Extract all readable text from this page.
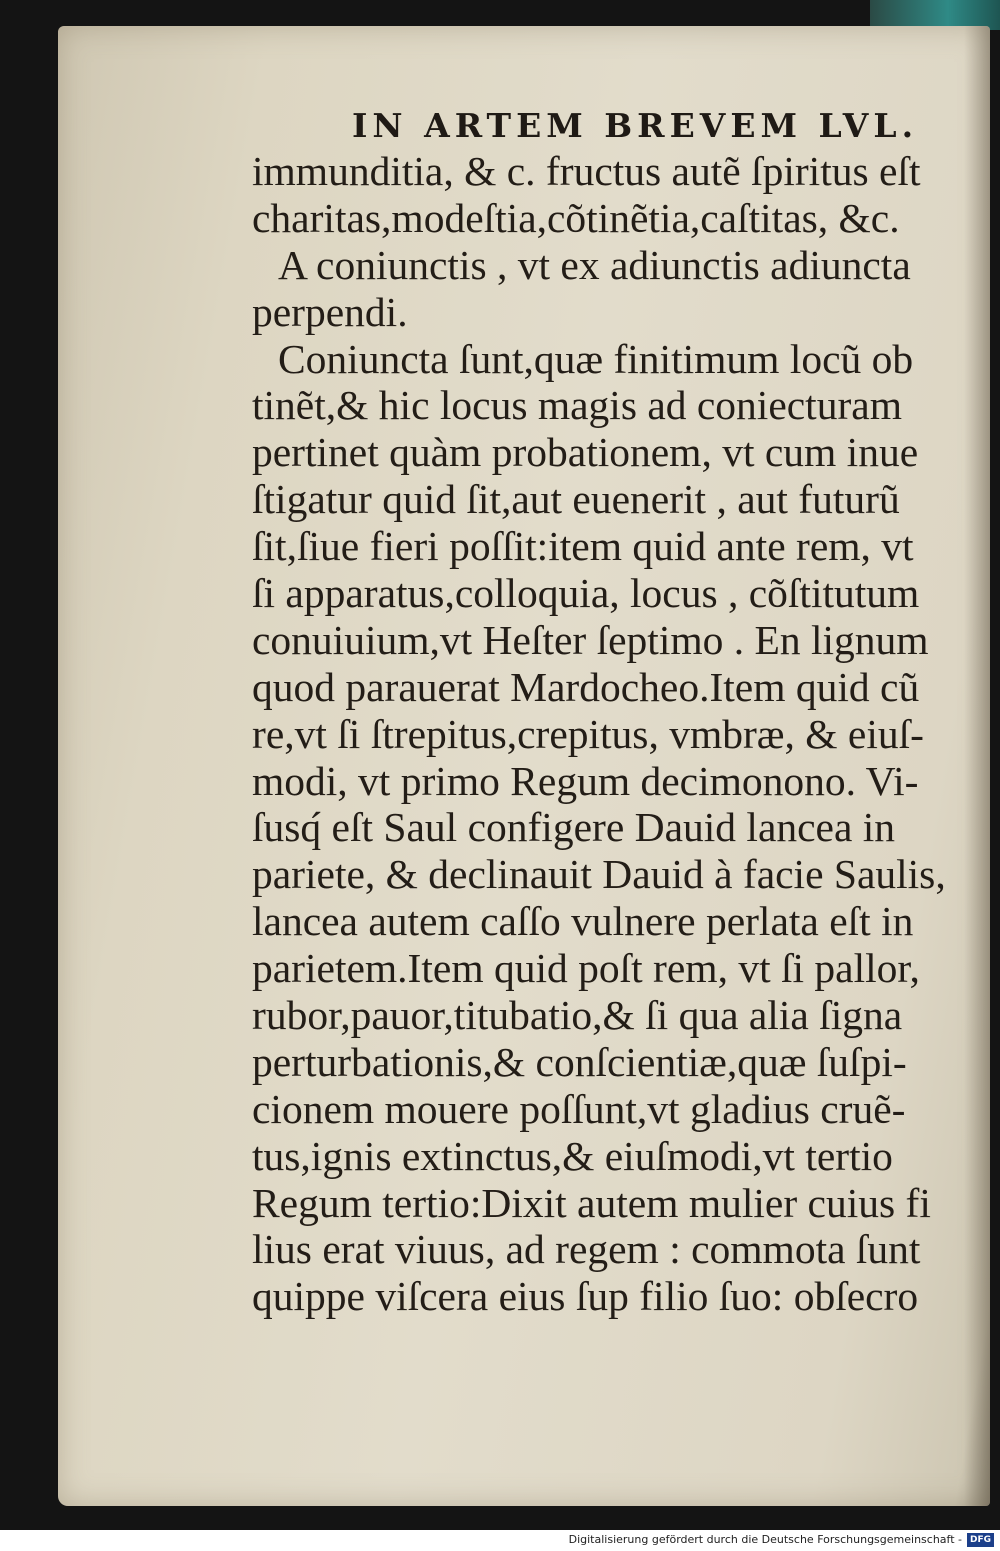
IN ARTEM BREVEM LVL.
immunditia, & c. fructus autẽ ſpiritus eſt
charitas,modeſtia,cõtinẽtia,caſtitas, &c.
A coniunctis , vt ex adiunctis adiuncta
perpendi.
Coniuncta ſunt,quæ finitimum locũ ob
tinẽt,& hic locus magis ad coniecturam
pertinet quàm probationem, vt cum inue
ſtigatur quid ſit,aut euenerit , aut futurũ
ſit,ſiue fieri poſſit:item quid ante rem, vt
ſi apparatus,colloquia, locus , cõſtitutum
conuiuium,vt Heſter ſeptimo . En lignum
quod parauerat Mardocheo.Item quid cũ
re,vt ſi ſtrepitus,crepitus, vmbræ, & eiuſ-
modi, vt primo Regum decimonono. Vi-
ſusq́ eſt Saul configere Dauid lancea in
pariete, & declinauit Dauid à facie Saulis,
lancea autem caſſo vulnere perlata eſt in
parietem.Item quid poſt rem, vt ſi pallor,
rubor,pauor,titubatio,& ſi qua alia ſigna
perturbationis,& conſcientiæ,quæ ſuſpi-
cionem mouere poſſunt,vt gladius cruẽ-
tus,ignis extinctus,& eiuſmodi,vt tertio
Regum tertio:Dixit autem mulier cuius fi
lius erat viuus, ad regem : commota ſunt
quippe viſcera eius ſup filio ſuo: obſecro
Digitalisierung gefördert durch die Deutsche Forschungsgemeinschaft - DFG
